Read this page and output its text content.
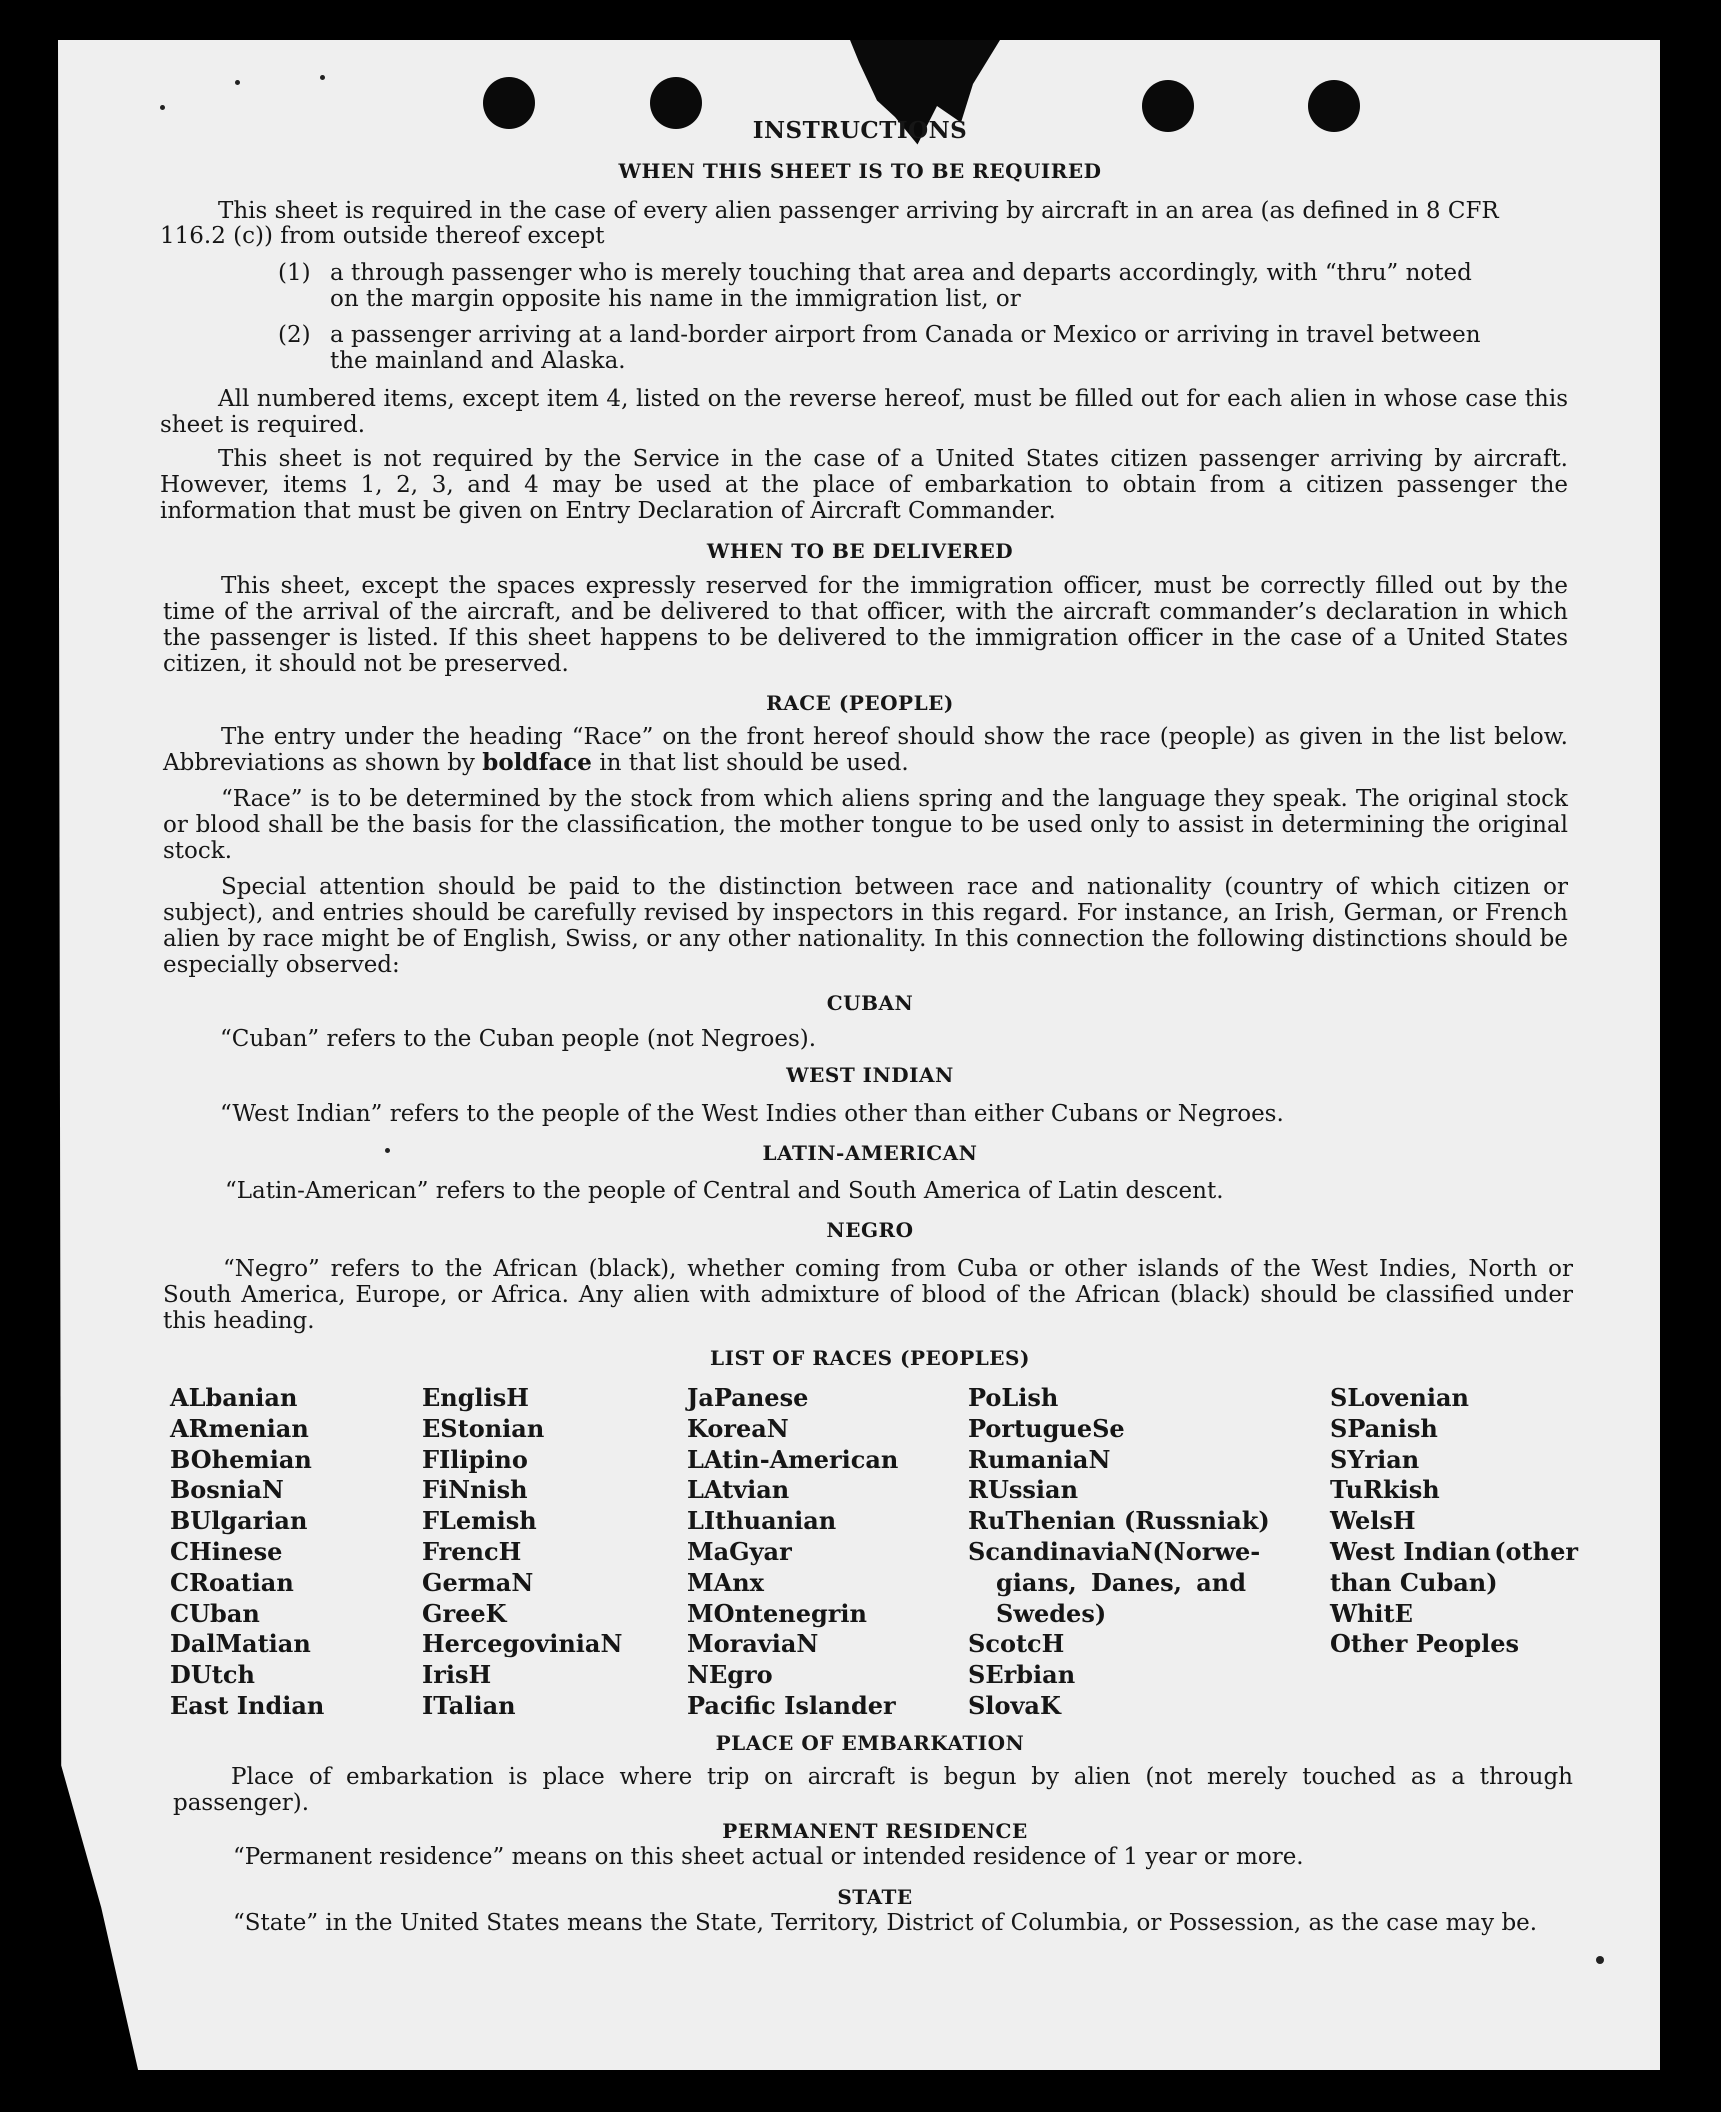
INSTRUCTIONS
WHEN THIS SHEET IS TO BE REQUIRED
This sheet is required in the case of every alien passenger arriving by aircraft in an area (as defined in 8 CFR
116.2 (c)) from outside thereof except
(1) a through passenger who is merely touching that area and departs accordingly, with “thru” noted
on the margin opposite his name in the immigration list, or
(2) a passenger arriving at a land-border airport from Canada or Mexico or arriving in travel between
the mainland and Alaska.
All numbered items, except item 4, listed on the reverse hereof, must be filled out for each alien in whose case this sheet is required.
This sheet is not required by the Service in the case of a United States citizen passenger arriving by aircraft. However, items 1, 2, 3, and 4 may be used at the place of embarkation to obtain from a citizen passenger the information that must be given on Entry Declaration of Aircraft Commander.
WHEN TO BE DELIVERED
This sheet, except the spaces expressly reserved for the immigration officer, must be correctly filled out by the time of the arrival of the aircraft, and be delivered to that officer, with the aircraft commander’s declaration in which the passenger is listed. If this sheet happens to be delivered to the immigration officer in the case of a United States citizen, it should not be preserved.
RACE (PEOPLE)
The entry under the heading “Race” on the front hereof should show the race (people) as given in the list below. Abbreviations as shown by boldface in that list should be used.
“Race” is to be determined by the stock from which aliens spring and the language they speak. The original stock or blood shall be the basis for the classification, the mother tongue to be used only to assist in determining the original stock.
Special attention should be paid to the distinction between race and nationality (country of which citizen or subject), and entries should be carefully revised by inspectors in this regard. For instance, an Irish, German, or French alien by race might be of English, Swiss, or any other nationality. In this connection the following distinctions should be especially observed:
CUBAN
“Cuban” refers to the Cuban people (not Negroes).
WEST INDIAN
“West Indian” refers to the people of the West Indies other than either Cubans or Negroes.
LATIN-AMERICAN
“Latin-American” refers to the people of Central and South America of Latin descent.
NEGRO
“Negro” refers to the African (black), whether coming from Cuba or other islands of the West Indies, North or South America, Europe, or Africa. Any alien with admixture of blood of the African (black) should be classified under this heading.
LIST OF RACES (PEOPLES)
ALbanian
ARmenian
BOhemian
BosniaN
BUlgarian
CHinese
CRoatian
CUban
DalMatian
DUtch
East Indian
EnglisH
EStonian
FIlipino
FiNnish
FLemish
FrencH
GermaN
GreeK
HercegoviniaN
IrisH
ITalian
JaPanese
KoreaN
LAtin-American
LAtvian
LIthuanian
MaGyar
MAnx
MOntenegrin
MoraviaN
NEgro
Pacific Islander
PoLish
PortugueSe
RumaniaN
RUssian
RuThenian (Russniak)
ScandinaviaN (Norwe-
gians, Danes, and
Swedes)
ScotcH
SErbian
SlovaK
SLovenian
SPanish
SYrian
TuRkish
WelsH
West Indian (other
than Cuban)
WhitE
Other Peoples
PLACE OF EMBARKATION
Place of embarkation is place where trip on aircraft is begun by alien (not merely touched as a through passenger).
PERMANENT RESIDENCE
“Permanent residence” means on this sheet actual or intended residence of 1 year or more.
STATE
“State” in the United States means the State, Territory, District of Columbia, or Possession, as the case may be.
